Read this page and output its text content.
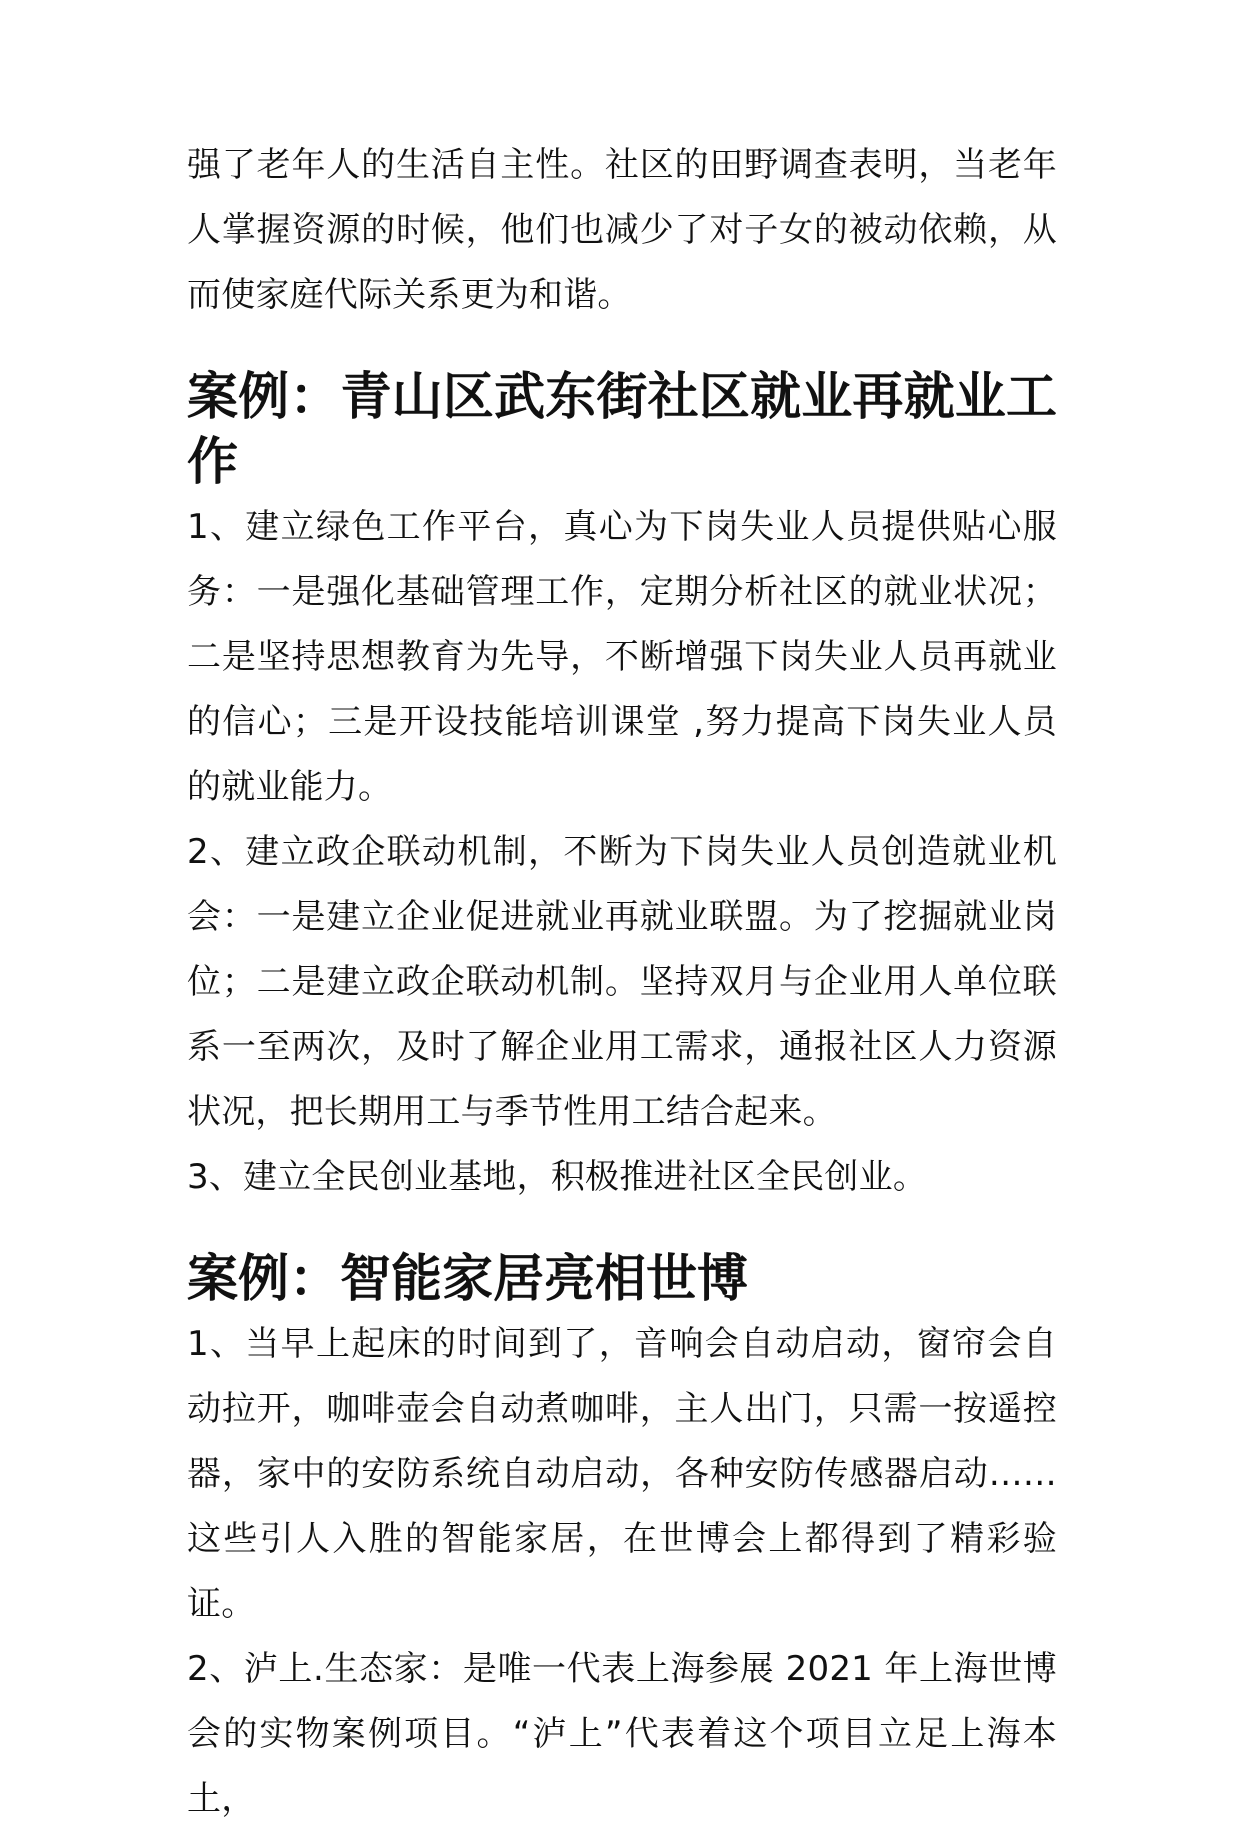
强了老年人的生活自主性。社区的田野调查表明，当老年人掌握资源的时候，他们也减少了对子女的被动依赖，从而使家庭代际关系更为和谐。

案例：青山区武东街社区就业再就业工作

1、建立绿色工作平台，真心为下岗失业人员提供贴心服务：一是强化基础管理工作，定期分析社区的就业状况；二是坚持思想教育为先导，不断增强下岗失业人员再就业的信心；三是开设技能培训课堂 ,努力提高下岗失业人员的就业能力。

2、建立政企联动机制，不断为下岗失业人员创造就业机会：一是建立企业促进就业再就业联盟。为了挖掘就业岗位；二是建立政企联动机制。坚持双月与企业用人单位联系一至两次，及时了解企业用工需求，通报社区人力资源状况，把长期用工与季节性用工结合起来。

3、建立全民创业基地，积极推进社区全民创业。

案例：智能家居亮相世博

1、当早上起床的时间到了，音响会自动启动，窗帘会自动拉开，咖啡壶会自动煮咖啡，主人出门，只需一按遥控器，家中的安防系统自动启动，各种安防传感器启动……这些引人入胜的智能家居，在世博会上都得到了精彩验证。

2、泸上.生态家：是唯一代表上海参展 2021 年上海世博会的实物案例项目。“泸上”代表着这个项目立足上海本土，
